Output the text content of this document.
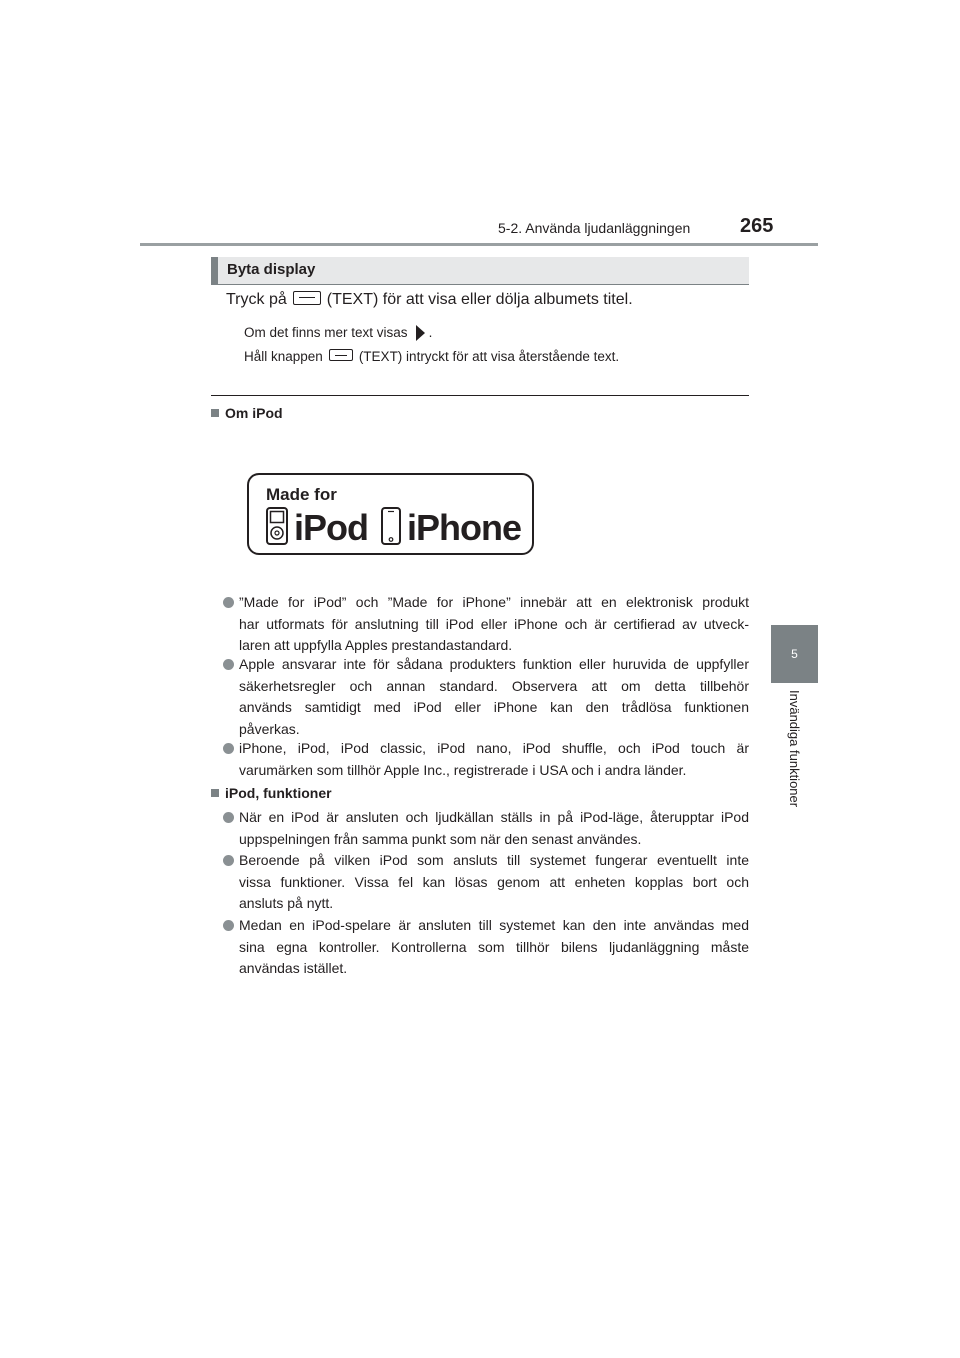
5-2. Använda ljudanläggningen 265
5
Invändiga funktioner
Byta display
Tryck på	(TEXT) för att visa eller dölja albumets titel.
Om det finns mer text visas .
Håll knappen	(TEXT) intryckt för att visa återstående text.
Om iPod
Made for
iPod iPhone

”Made for iPod” och ”Made for iPhone” innebär att en elektronisk produkt

har utformats för anslutning till iPod eller iPhone och är certifierad av utveck-

laren att uppfylla Apples prestandastandard.

Apple ansvarar inte för sådana produkters funktion eller huruvida de uppfyller

säkerhetsregler och annan standard. Observera att om detta tillbehör

används samtidigt med iPod eller iPhone kan den trådlösa funktionen

påverkas.

iPhone, iPod, iPod classic, iPod nano, iPod shuffle, och iPod touch är

varumärken som tillhör Apple Inc., registrerade i USA och i andra länder.

iPod, funktioner

När en iPod är ansluten och ljudkällan ställs in på iPod-läge, återupptar iPod

uppspelningen från samma punkt som när den senast användes.

Beroende på vilken iPod som ansluts till systemet fungerar eventuellt inte

vissa funktioner. Vissa fel kan lösas genom att enheten kopplas bort och

ansluts på nytt.

Medan en iPod-spelare är ansluten till systemet kan den inte användas med

sina egna kontroller. Kontrollerna som tillhör bilens ljudanläggning måste

användas istället.
